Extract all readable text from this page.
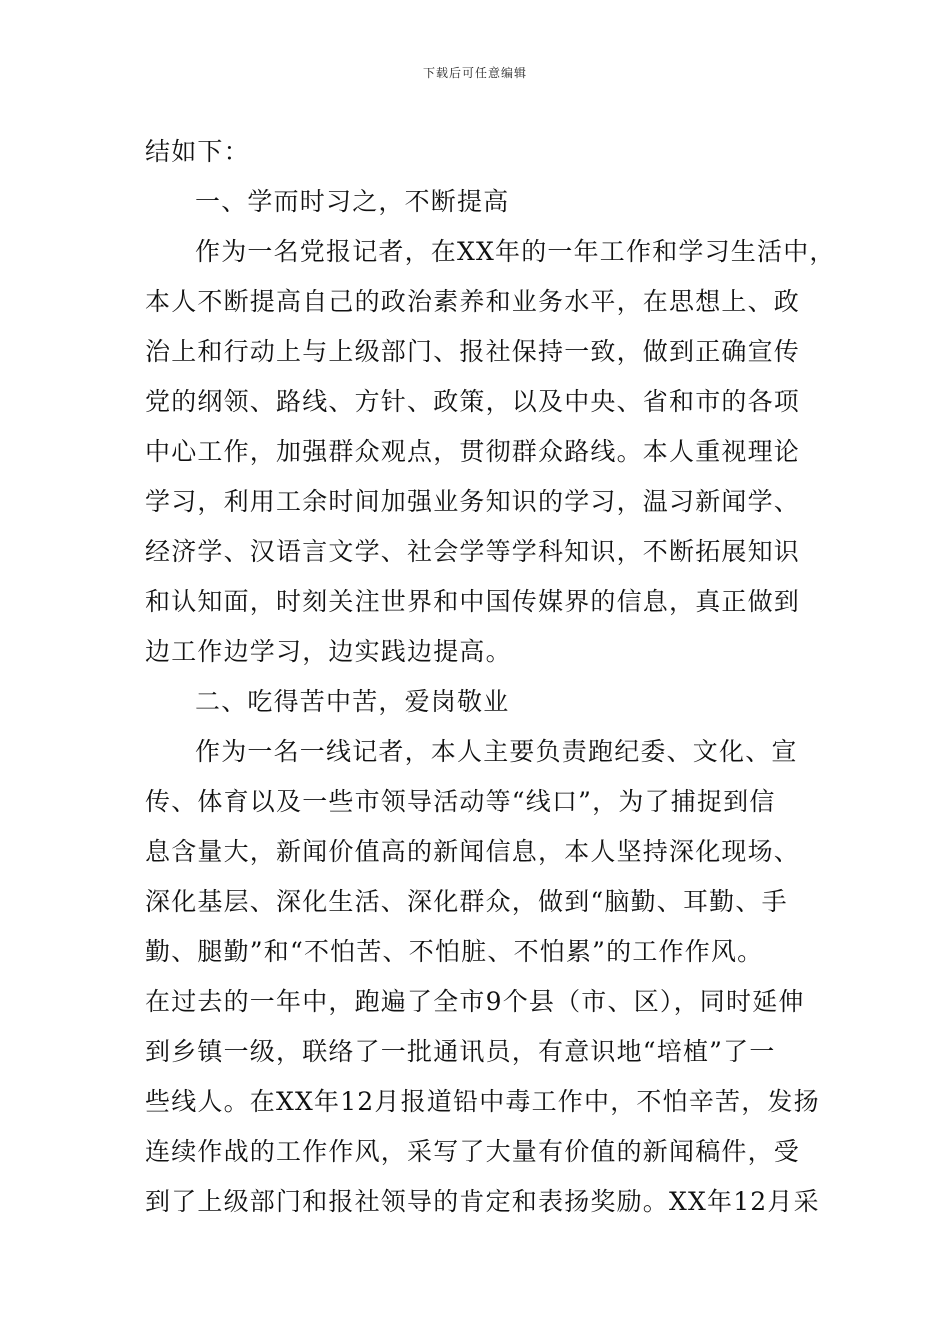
下载后可任意编辑
结如下：
一、学而时习之，不断提高
作为一名党报记者，在XX年的一年工作和学习生活中，
本人不断提高自己的政治素养和业务水平，在思想上、政
治上和行动上与上级部门、报社保持一致，做到正确宣传
党的纲领、路线、方针、政策，以及中央、省和市的各项
中心工作，加强群众观点，贯彻群众路线。本人重视理论
学习，利用工余时间加强业务知识的学习，温习新闻学、
经济学、汉语言文学、社会学等学科知识，不断拓展知识
和认知面，时刻关注世界和中国传媒界的信息，真正做到
边工作边学习，边实践边提高。
二、吃得苦中苦，爱岗敬业
作为一名一线记者，本人主要负责跑纪委、文化、宣
传、体育以及一些市领导活动等“线口”，为了捕捉到信
息含量大，新闻价值高的新闻信息，本人坚持深化现场、
深化基层、深化生活、深化群众，做到“脑勤、耳勤、手
勤、腿勤”和“不怕苦、不怕脏、不怕累”的工作作风。
在过去的一年中，跑遍了全市9个县（市、区），同时延伸
到乡镇一级，联络了一批通讯员，有意识地“培植”了一
些线人。在XX年12月报道铅中毒工作中，不怕辛苦，发扬
连续作战的工作作风，采写了大量有价值的新闻稿件，受
到了上级部门和报社领导的肯定和表扬奖励。XX年12月采
